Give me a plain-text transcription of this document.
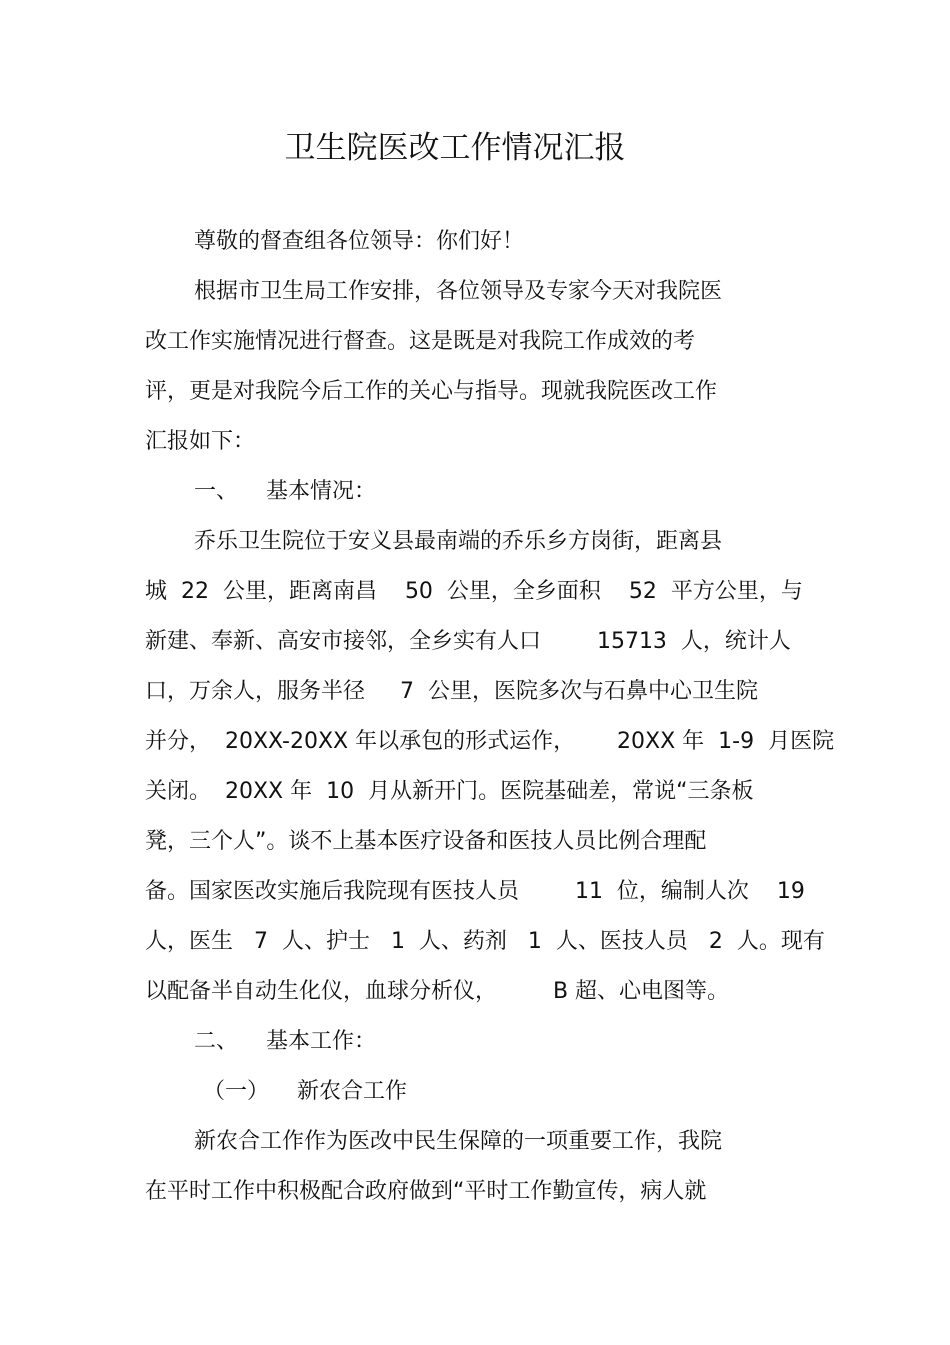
卫生院医改工作情况汇报
尊敬的督查组各位领导：你们好！
根据市卫生局工作安排，各位领导及专家今天对我院医
改工作实施情况进行督查。这是既是对我院工作成效的考
评，更是对我院今后工作的关心与指导。现就我院医改工作
汇报如下：
一、    基本情况：
乔乐卫生院位于安义县最南端的乔乐乡方岗街，距离县
城  22  公里，距离南昌    50  公里，全乡面积    52  平方公里，与
新建、奉新、高安市接邻，全乡实有人口        15713  人，统计人
口，万余人，服务半径     7  公里，医院多次与石鼻中心卫生院
并分，  20XX-20XX 年以承包的形式运作，      20XX 年  1-9  月医院
关闭。  20XX 年  10  月从新开门。医院基础差，常说“三条板
凳，三个人”。谈不上基本医疗设备和医技人员比例合理配
备。国家医改实施后我院现有医技人员        11  位，编制人次    19
人，医生   7  人、护士   1  人、药剂   1  人、医技人员   2  人。现有
以配备半自动生化仪，血球分析仪，        B 超、心电图等。
二、    基本工作：
（一）    新农合工作
新农合工作作为医改中民生保障的一项重要工作，我院
在平时工作中积极配合政府做到“平时工作勤宣传，病人就
